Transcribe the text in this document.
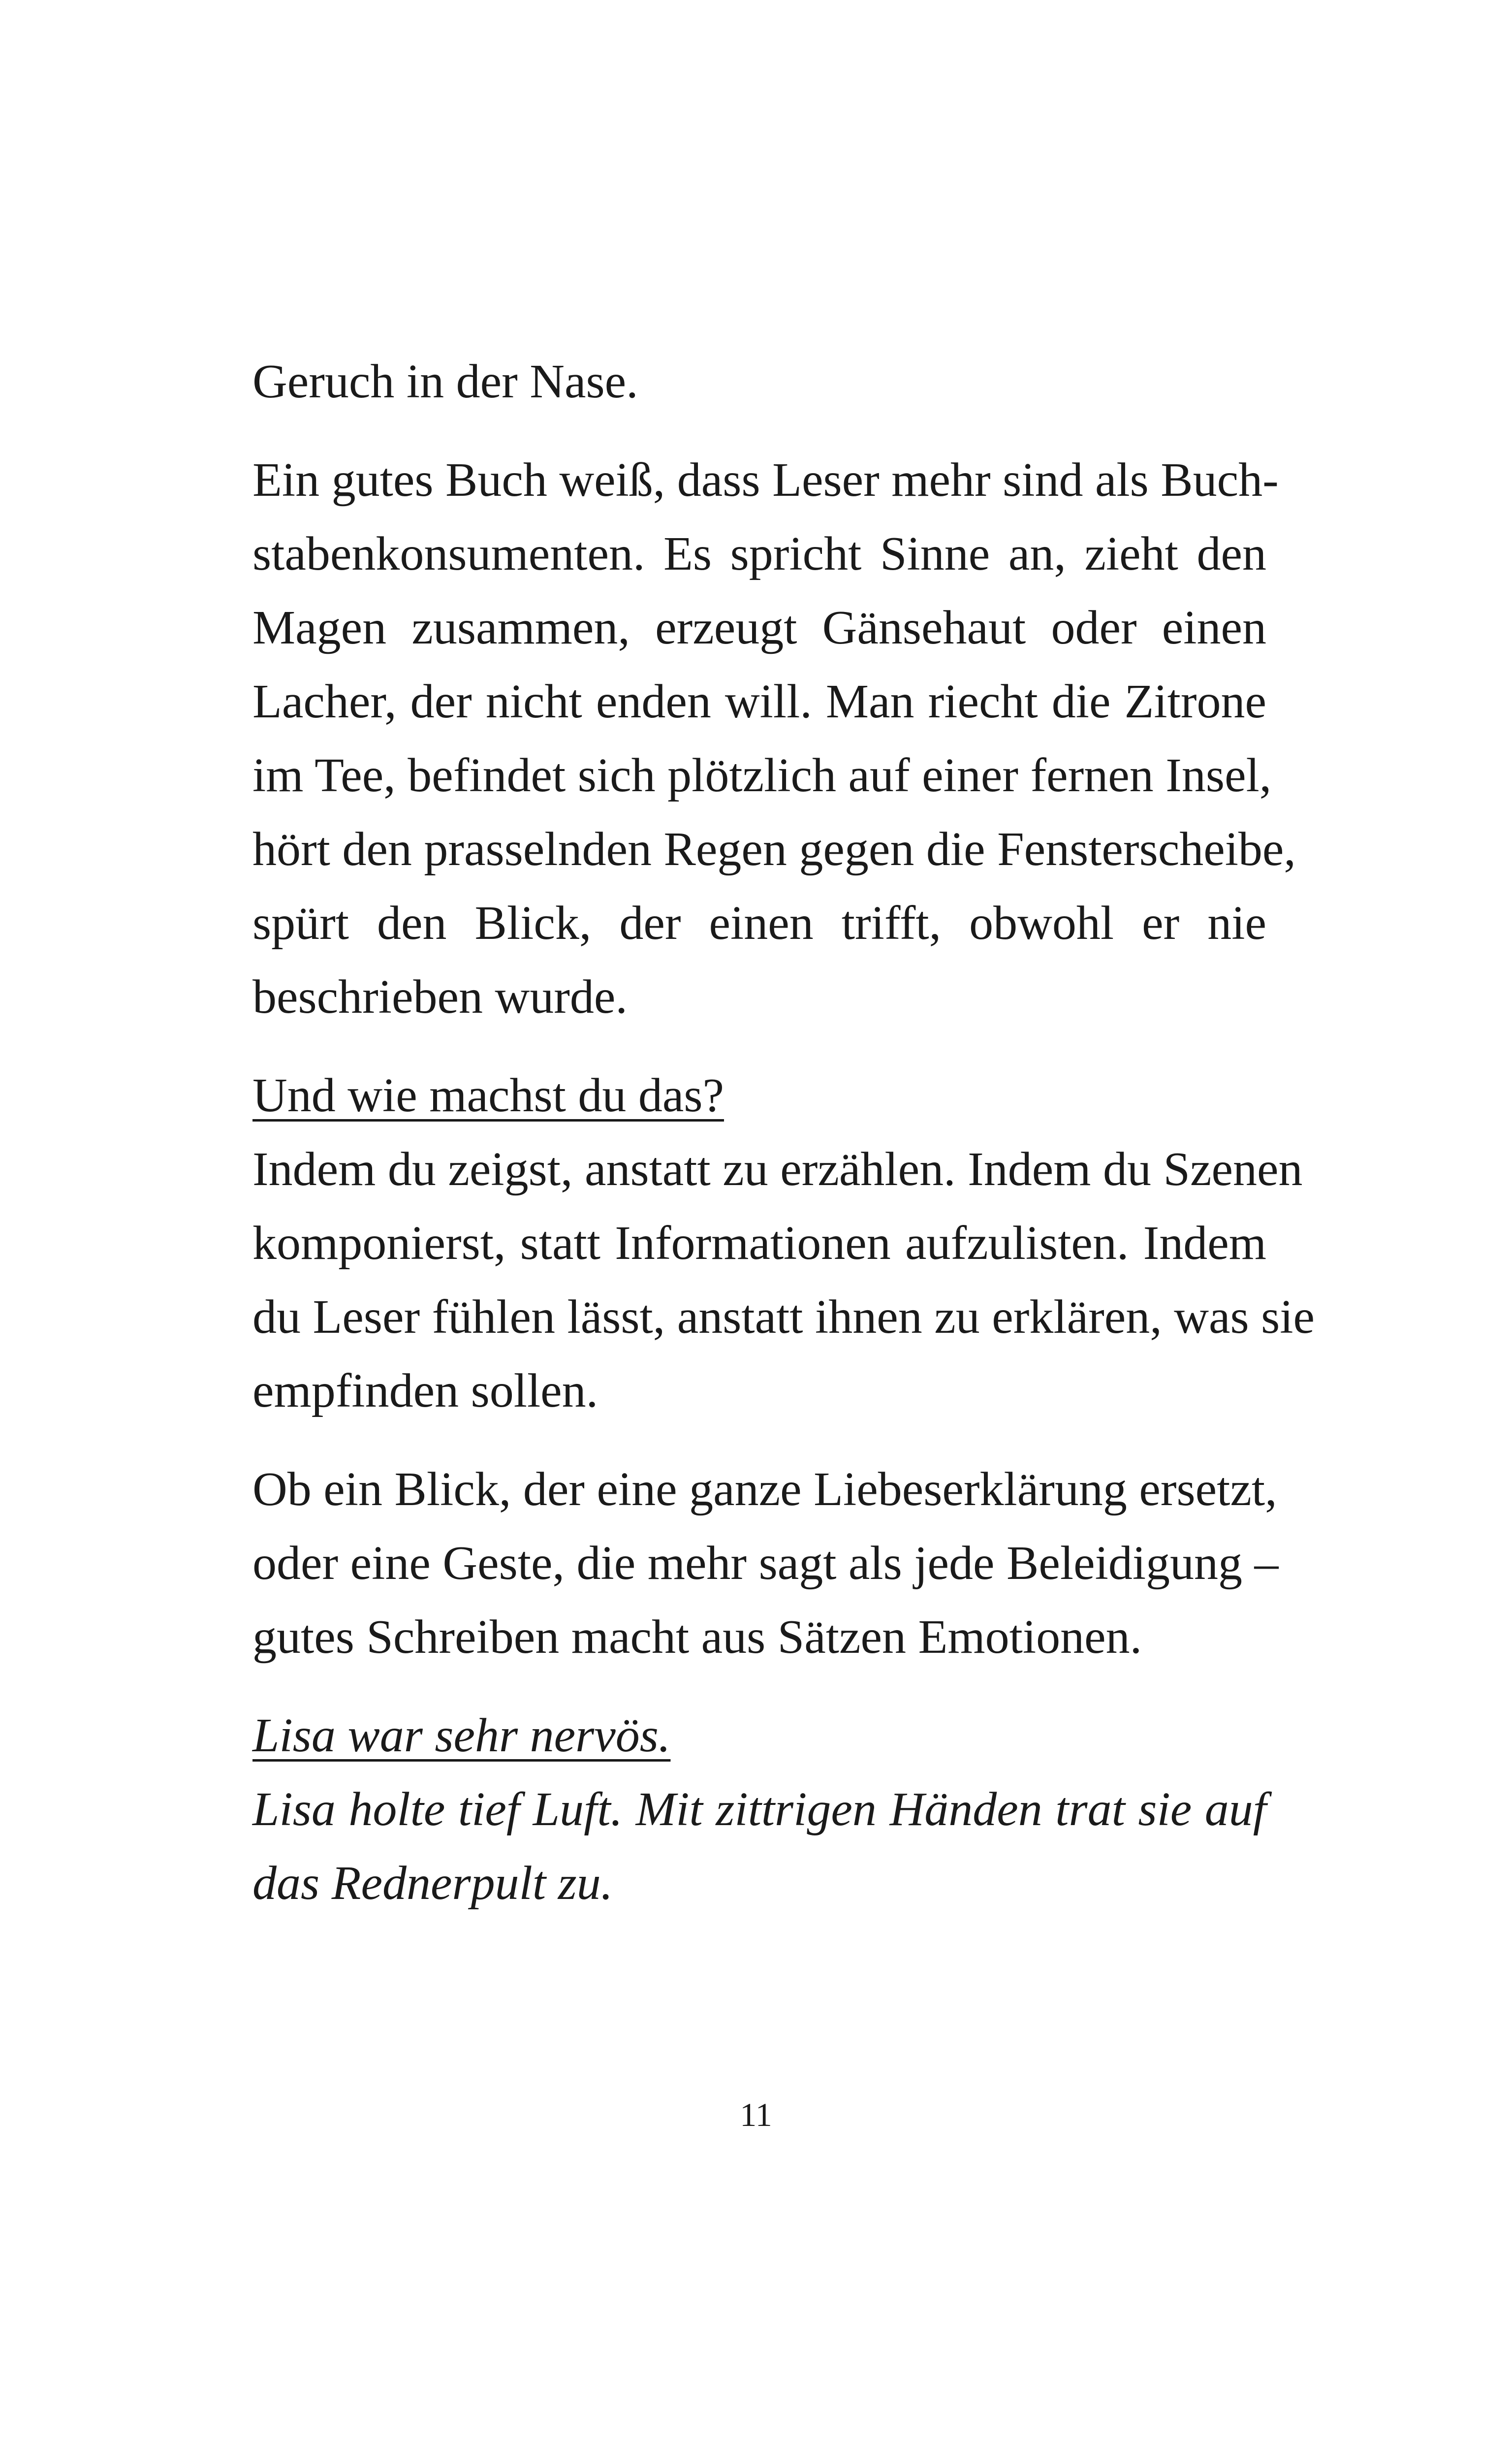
Geruch in der Nase.
Ein gutes Buch weiß, dass Leser mehr sind als Buch-
stabenkonsumenten. Es spricht Sinne an, zieht den
Magen zusammen, erzeugt Gänsehaut oder einen
Lacher, der nicht enden will. Man riecht die Zitrone
im Tee, befindet sich plötzlich auf einer fernen Insel,
hört den prasselnden Regen gegen die Fensterscheibe,
spürt den Blick, der einen trifft, obwohl er nie
beschrieben wurde.
Und wie machst du das?
Indem du zeigst, anstatt zu erzählen. Indem du Szenen
komponierst, statt Informationen aufzulisten. Indem
du Leser fühlen lässt, anstatt ihnen zu erklären, was sie
empfinden sollen.
Ob ein Blick, der eine ganze Liebeserklärung ersetzt,
oder eine Geste, die mehr sagt als jede Beleidigung –
gutes Schreiben macht aus Sätzen Emotionen.
Lisa war sehr nervös.
Lisa holte tief Luft. Mit zittrigen Händen trat sie auf
das Rednerpult zu.
11
